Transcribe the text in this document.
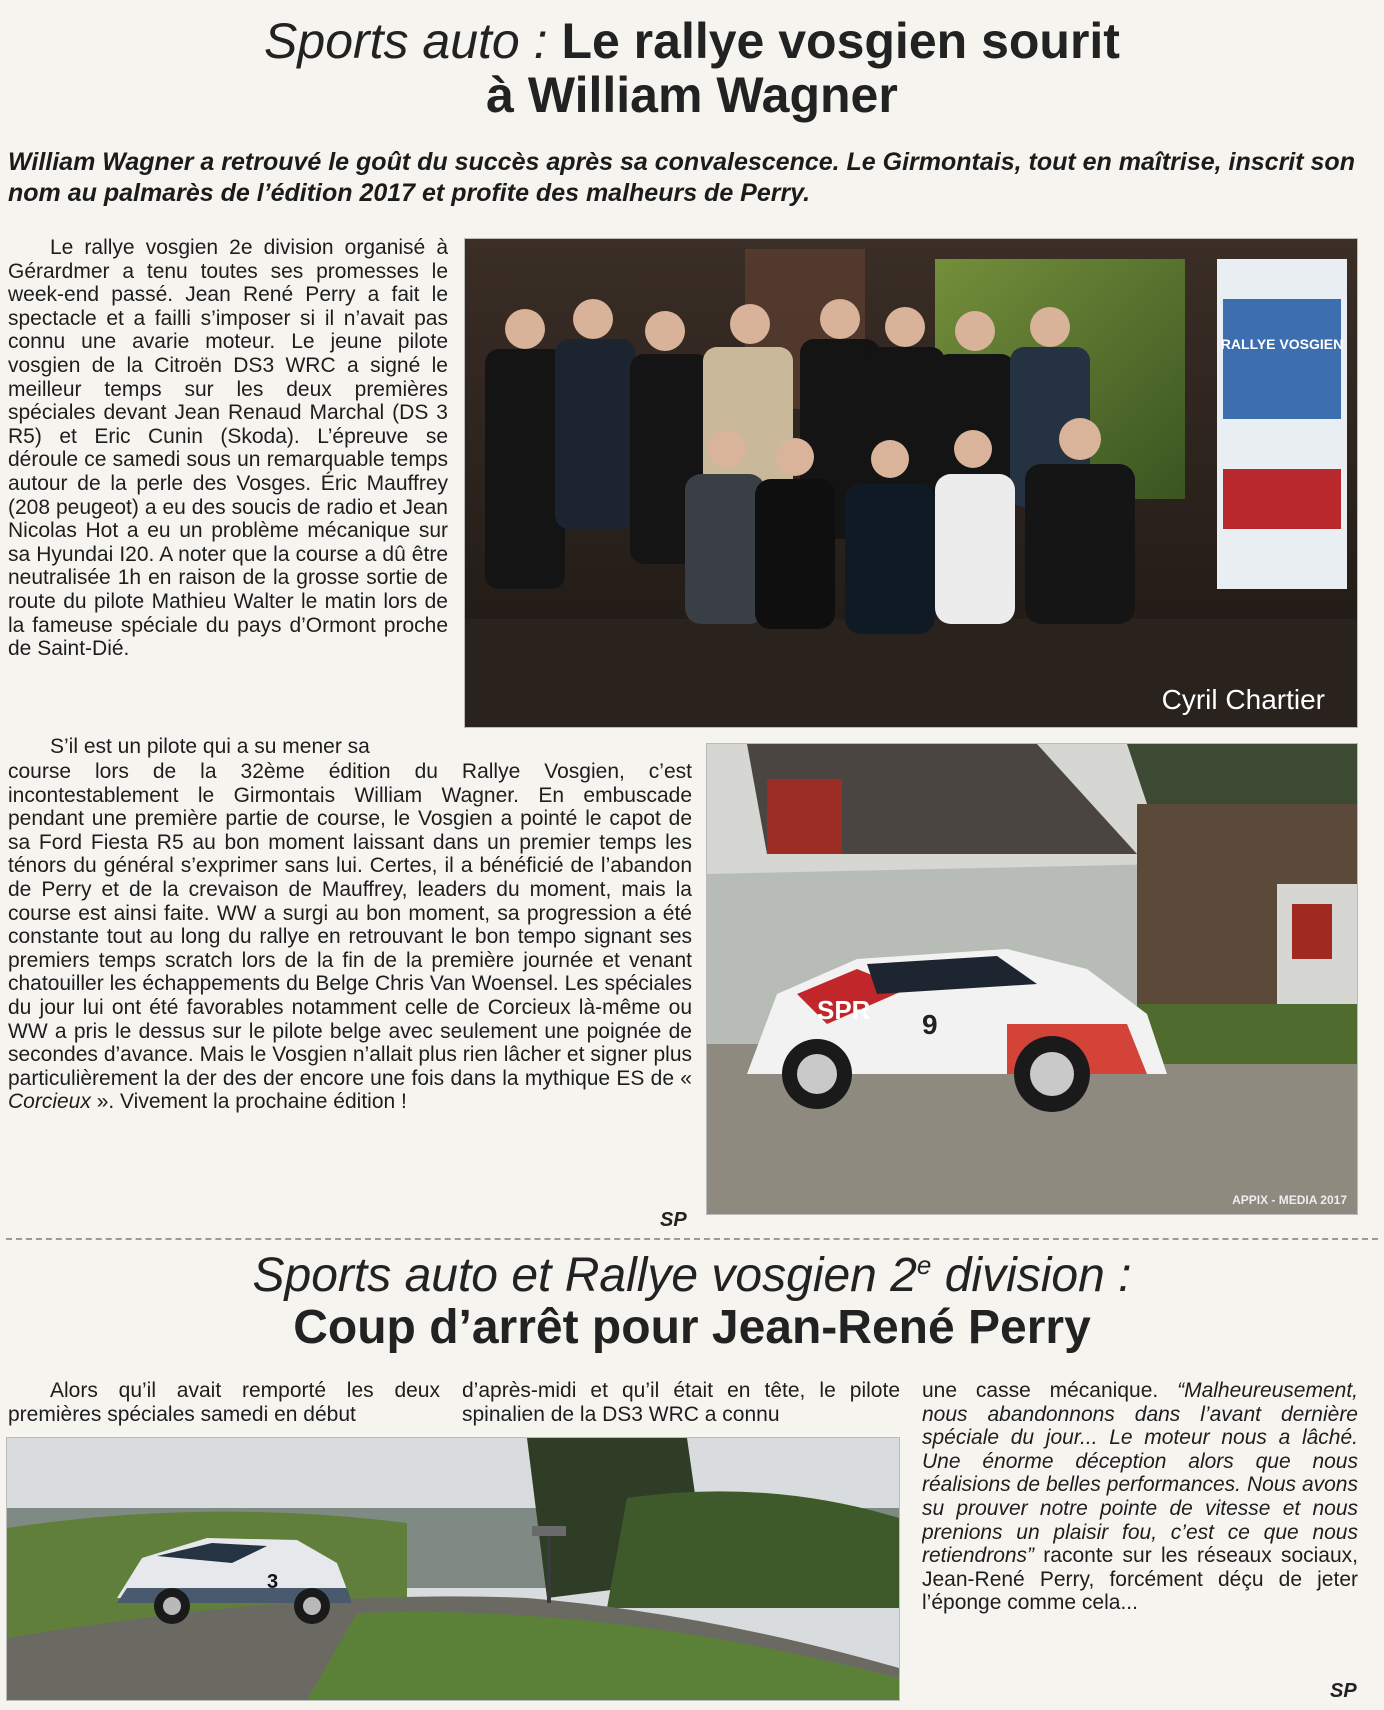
Sports auto : Le rallye vosgien sourit
à William Wagner
William Wagner a retrouvé le goût du succès après sa convalescence. Le Girmontais, tout en maîtrise, inscrit son nom au palmarès de l’édition 2017 et profite des malheurs de Perry.

Le rallye vosgien 2e division organisé à Gérardmer a tenu toutes ses promesses le week-end passé. Jean René Perry a fait le spectacle et a failli s’imposer si il n’avait pas connu une avarie moteur. Le jeune pilote vosgien de la Citroën DS3 WRC a signé le meilleur temps sur les deux premières spéciales devant Jean Renaud Marchal (DS 3 R5) et Eric Cunin (Skoda). L’épreuve se déroule ce samedi sous un remarquable temps autour de la perle des Vosges. Éric Mauffrey (208 peugeot) a eu des soucis de radio et Jean Nicolas Hot a eu un problème mécanique sur sa Hyundai I20. A noter que la course a dû être neutralisée 1h en raison de la grosse sortie de route du pilote Mathieu Walter le matin lors de la fameuse spéciale du pays d’Ormont proche de Saint-Dié.

RALLYE VOSGIEN
Cyril Chartier

S’il est un pilote qui a su mener sa

course lors de la 32ème édition du Rallye Vosgien, c’est incontestablement le Girmontais William Wagner. En embuscade pendant une première partie de course, le Vosgien a pointé le capot de sa Ford Fiesta R5 au bon moment laissant dans un premier temps les ténors du général s’exprimer sans lui. Certes, il a bénéficié de l’abandon de Perry et de la crevaison de Mauffrey, leaders du moment, mais la course est ainsi faite. WW a surgi au bon moment, sa progression a été constante tout au long du rallye en retrouvant le bon tempo signant ses premiers temps scratch lors de la fin de la première journée et venant chatouiller les échappements du Belge Chris Van Woensel. Les spéciales du jour lui ont été favorables notamment celle de Corcieux là-même ou WW a pris le dessus sur le pilote belge avec seulement une poignée de secondes d’avance. Mais le Vosgien n’allait plus rien lâcher et signer plus particulièrement la der des der encore une fois dans la mythique ES de « Corcieux ». Vivement la prochaine édition !
SPR 9
APPIX - MEDIA 2017
SP
Sports auto et Rallye vosgien 2e division :
Coup d’arrêt pour Jean-René Perry

Alors qu’il avait remporté les deux premières spéciales samedi en début

d’après-midi et qu’il était en tête, le pilote spinalien de la DS3 WRC a connu
une casse mécanique. “Malheureusement, nous abandonnons dans l’avant dernière spéciale du jour... Le moteur nous a lâché. Une énorme déception alors que nous réalisions de belles performances. Nous avons su prouver notre pointe de vitesse et nous prenions un plaisir fou, c’est ce que nous retiendrons” raconte sur les réseaux sociaux, Jean-René Perry, forcément déçu de jeter l’éponge comme cela...
3
SP
